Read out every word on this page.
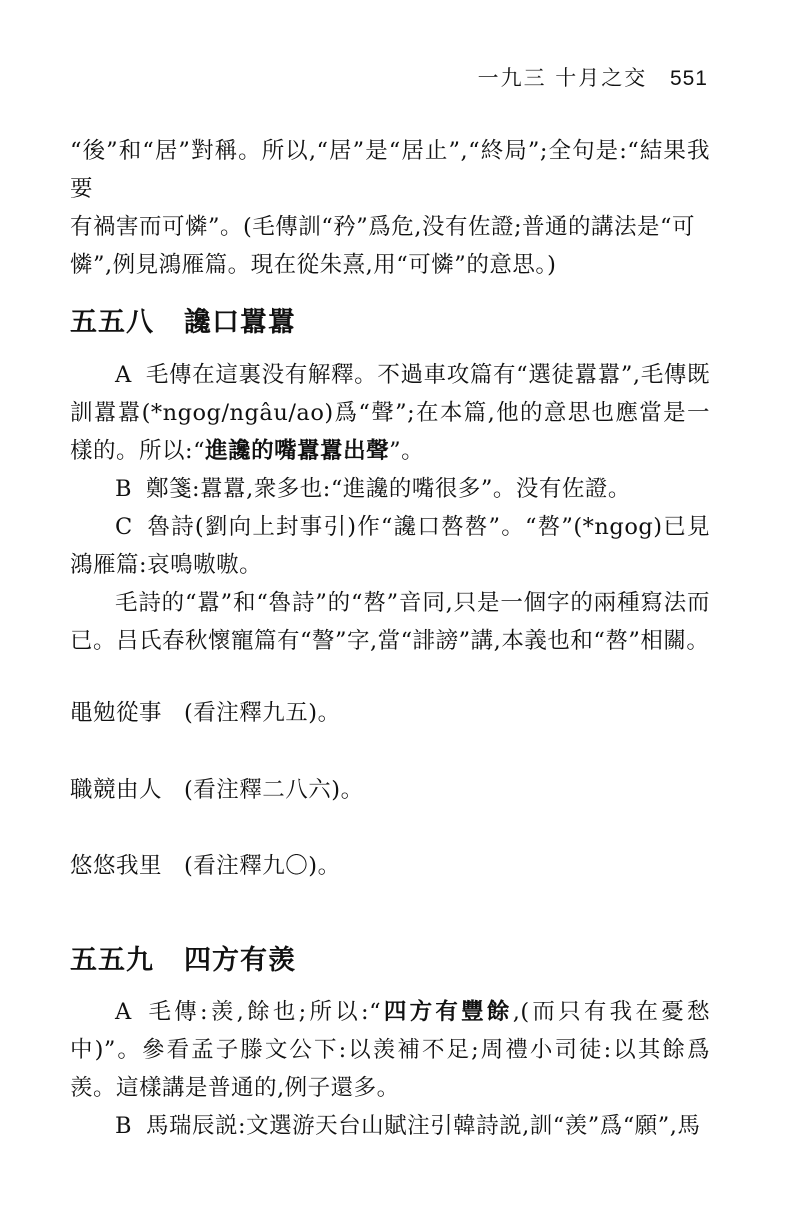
一九三 十月之交 551
“後”和“居”對稱。所以,“居”是“居止”,“終局”;全句是:“結果我要
有禍害而可憐”。(毛傳訓“矜”爲危,没有佐證;普通的講法是“可
憐”,例見鴻雁篇。現在從朱熹,用“可憐”的意思。)
五五八 讒口囂囂

A 毛傳在這裏没有解釋。不過車攻篇有“選徒囂囂”,毛傳既訓囂囂(*ngog/ngâu/ao)爲“聲”;在本篇,他的意思也應當是一樣的。所以:“進讒的嘴囂囂出聲”。

B 鄭箋:囂囂,衆多也:“進讒的嘴很多”。没有佐證。

C 魯詩(劉向上封事引)作“讒口嗸嗸”。“嗸”(*ngog)已見鴻雁篇:哀鳴嗷嗷。

毛詩的“囂”和“魯詩”的“嗸”音同,只是一個字的兩種寫法而已。吕氏春秋懷寵篇有“謷”字,當“誹謗”講,本義也和“嗸”相關。

黽勉從事 (看注釋九五)。
職競由人 (看注釋二八六)。
悠悠我里 (看注釋九〇)。
五五九 四方有羡

A 毛傳:羡,餘也;所以:“四方有豐餘,(而只有我在憂愁中)”。參看孟子滕文公下:以羡補不足;周禮小司徒:以其餘爲羡。這樣講是普通的,例子還多。

B 馬瑞辰説:文選游天台山賦注引韓詩説,訓“羡”爲“願”,馬
